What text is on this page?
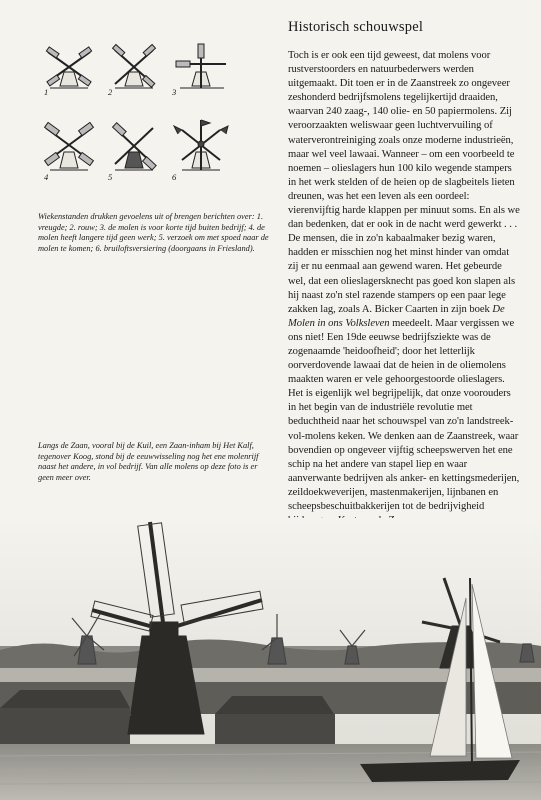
Historisch schouwspel

Toch is er ook een tijd geweest, dat molens voor rustverstoorders en natuurbederwers werden uitgemaakt. Dit toen er in de Zaanstreek zo ongeveer zeshonderd bedrijfsmolens tegelijkertijd draaiden, waarvan 240 zaag-, 140 olie- en 50 papiermolens. Zij veroorzaakten weliswaar geen luchtvervuiling of waterverontreiniging zoals onze moderne industrieën, maar wel veel lawaai. Wanneer – om een voorbeeld te noemen – olieslagers hun 100 kilo wegende stampers in het werk stelden of de heien op de slagbeitels lieten dreunen, was het een leven als een oordeel: vierenvijftig harde klappen per minuut soms. En als we dan bedenken, dat er ook in de nacht werd gewerkt . . . De mensen, die in zo'n kabaalmaker bezig waren, hadden er misschien nog het minst hinder van omdat zij er nu eenmaal aan gewend waren. Het gebeurde wel, dat een olieslagersknecht pas goed kon slapen als hij naast zo'n stel razende stampers op een paar lege zakken lag, zoals A. Bicker Caarten in zijn boek De Molen in ons Volksleven meedeelt. Maar vergissen we ons niet! Een 19de eeuwse bedrijfsziekte was de zogenaamde 'heidoofheid'; door het letterlijk oorverdovende lawaai dat de heien in de oliemolens maakten waren er vele gehoorgestoorde olieslagers.

Het is eigenlijk wel begrijpelijk, dat onze voorouders in het begin van de industriële revolutie met beduchtheid naar het schouwspel van zo'n landstreek-vol-molens keken. We denken aan de Zaanstreek, waar bovendien op ongeveer vijftig scheepswerven het ene schip na het andere van stapel liep en waar aanverwante bedrijven als anker- en kettingsmederijen, zeildoekweverijen, mastenmakerijen, lijnbanen en scheepsbeschuitbakkerijen tot de bedrijvigheid

1	2	3
4	5	6
Wiekenstanden drukken gevoelens uit of brengen berichten over: 1. vreugde; 2. rouw; 3. de molen is voor korte tijd buiten bedrijf; 4. de molen heeft langere tijd geen werk; 5. verzoek om met spoed naar de molen te komen; 6. bruiloftsversiering (doorgaans in Friesland).
Langs de Zaan, vooral bij de Kuil, een Zaan-inham bij Het Kalf, tegenover Koog, stond bij de eeuwwisseling nog het ene molenrijf naast het andere, in vol bedrijf. Van alle molens op deze foto is er geen meer over.
